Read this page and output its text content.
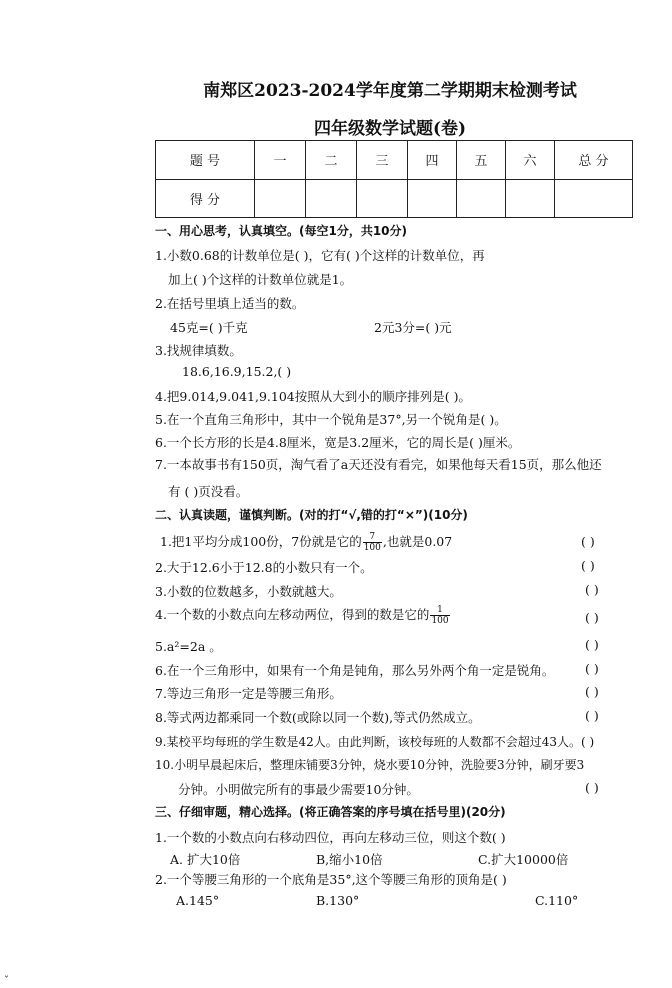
南郑区2023-2024学年度第二学期期末检测考试
四年级数学试题(卷)
题 号	一	二	三	四	五	六	总 分
得 分							
一、用心思考，认真填空。(每空1分，共10分)
1.小数0.68的计数单位是( )，它有( )个这样的计数单位，再
加上( )个这样的计数单位就是1。
2.在括号里填上适当的数。
45克=( )千克	2元3分=( )元
3.找规律填数。
18.6,16.9,15.2,( )
4.把9.014,9.041,9.104按照从大到小的顺序排列是( )。
5.在一个直角三角形中，其中一个锐角是37°,另一个锐角是( )。
6.一个长方形的长是4.8厘米，宽是3.2厘米，它的周长是( )厘米。
7.一本故事书有150页，淘气看了a天还没有看完，如果他每天看15页，那么他还
有 ( )页没看。
二、认真读题，谨慎判断。(对的打“√,错的打“×”)(10分)
1.把1平均分成100份，7份就是它的 $\frac{7}{100}$ ,也就是0.07	( )
2.大于12.6小于12.8的小数只有一个。	( )
3.小数的位数越多，小数就越大。	( )
4.一个数的小数点向左移动两位，得到的数是它的 $\frac{1}{100}$	( )
5.a²=2a 。	( )
6.在一个三角形中，如果有一个角是钝角，那么另外两个角一定是锐角。 ( )
7.等边三角形一定是等腰三角形。	( )
8.等式两边都乘同一个数(或除以同一个数),等式仍然成立。	( )
9.某校平均每班的学生数是42人。由此判断，该校每班的人数都不会超过43人。( )
10.小明早晨起床后，整理床铺要3分钟，烧水要10分钟，洗脸要3分钟，刷牙要3
分钟。小明做完所有的事最少需要10分钟。	( )
三、仔细审题，精心选择。(将正确答案的序号填在括号里)(20分)
1.一个数的小数点向右移动四位，再向左移动三位，则这个数( )
A. 扩大10倍	B,缩小10倍	C.扩大10000倍
2.一个等腰三角形的一个底角是35°,这个等腰三角形的顶角是( )
A.145°	B.130°	C.110°
ˇ
